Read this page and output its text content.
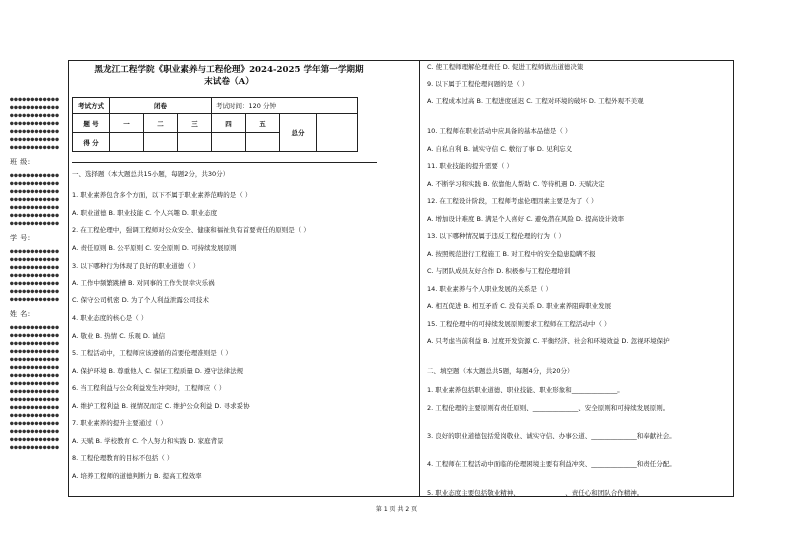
●●●●●●●●●●●●
●●●●●●●●●●●●
●●●●●●●●●●●●
●●●●●●●●●●●●
●●●●●●●●●●●●
●●●●●●●●●●●●
●●●●●●●●●●●●
班 级:
●●●●●●●●●●●●
●●●●●●●●●●●●
●●●●●●●●●●●●
●●●●●●●●●●●●
●●●●●●●●●●●●
●●●●●●●●●●●●
●●●●●●●●●●●●
学 号:
●●●●●●●●●●●●
●●●●●●●●●●●●
●●●●●●●●●●●●
●●●●●●●●●●●●
●●●●●●●●●●●●
●●●●●●●●●●●●
●●●●●●●●●●●●
姓 名:
●●●●●●●●●●●●
●●●●●●●●●●●●
●●●●●●●●●●●●
●●●●●●●●●●●●
●●●●●●●●●●●●
●●●●●●●●●●●●
●●●●●●●●●●●●
●●●●●●●●●●●●
●●●●●●●●●●●●
●●●●●●●●●●●●
●●●●●●●●●●●●
●●●●●●●●●●●●
●●●●●●●●●●●●
●●●●●●●●●●●●
●●●●●●●●●●●●
●●●●●●●●●●●●
黑龙江工程学院《职业素养与工程伦理》2024-2025 学年第一学期期
末试卷（A）
考试方式	闭卷			考试时间：120 分钟			
题 号	一	二	三	四	五	总分	
得 分							

一、选择题（本大题总共15小题，每题2分，共30分）

1. 职业素养包含多个方面，以下不属于职业素养范畴的是（ ）

A. 职业道德 B. 职业技能 C. 个人兴趣 D. 职业态度

2. 在工程伦理中，强调工程师对公众安全、健康和福祉负有首要责任的原则是（ ）

A. 责任原则 B. 公平原则 C. 安全原则 D. 可持续发展原则

3. 以下哪种行为体现了良好的职业道德（ ）

A. 工作中频繁跳槽 B. 对同事的工作失误幸灾乐祸

C. 保守公司机密 D. 为了个人利益泄露公司技术

4. 职业态度的核心是（ ）

A. 敬业 B. 热情 C. 乐观 D. 诚信

5. 工程活动中，工程师应该遵循的首要伦理准则是（ ）

A. 保护环境 B. 尊重他人 C. 保证工程质量 D. 遵守法律法规

6. 当工程利益与公众利益发生冲突时，工程师应（ ）

A. 维护工程利益 B. 视情况而定 C. 维护公众利益 D. 寻求妥协

7. 职业素养的提升主要通过（ ）

A. 天赋 B. 学校教育 C. 个人努力和实践 D. 家庭背景

8. 工程伦理教育的目标不包括（ ）

A. 培养工程师的道德判断力 B. 提高工程效率

C. 使工程师理解伦理责任 D. 促进工程师做出道德决策

9. 以下属于工程伦理问题的是（ ）

A. 工程成本过高 B. 工程进度延迟 C. 工程对环境的破坏 D. 工程外观不美观

10. 工程师在职业活动中应具备的基本品德是（ ）

A. 自私自利 B. 诚实守信 C. 敷衍了事 D. 见利忘义

11. 职业技能的提升需要（ ）

A. 不断学习和实践 B. 依靠他人帮助 C. 等待机遇 D. 天赋决定

12. 在工程设计阶段，工程师考虑伦理因素主要是为了（ ）

A. 增加设计难度 B. 满足个人喜好 C. 避免潜在风险 D. 提高设计效率

13. 以下哪种情况属于违反工程伦理的行为（ ）

A. 按照规范进行工程施工 B. 对工程中的安全隐患隐瞒不报

C. 与团队成员友好合作 D. 积极参与工程伦理培训

14. 职业素养与个人职业发展的关系是（ ）

A. 相互促进 B. 相互矛盾 C. 没有关系 D. 职业素养阻碍职业发展

15. 工程伦理中的可持续发展原则要求工程师在工程活动中（ ）

A. 只考虑当前利益 B. 过度开发资源 C. 平衡经济、社会和环境效益 D. 忽视环境保护

二、填空题（本大题总共5题，每题4分，共20分）

1. 职业素养包括职业道德、职业技能、职业形象和______________。

2. 工程伦理的主要原则有责任原则、______________、安全原则和可持续发展原则。

3. 良好的职业道德包括爱岗敬业、诚实守信、办事公道、______________和奉献社会。

4. 工程师在工程活动中面临的伦理困境主要有利益冲突、______________和责任分配。

5. 职业态度主要包括敬业精神、______________、责任心和团队合作精神。

第 1 页 共 2 页
